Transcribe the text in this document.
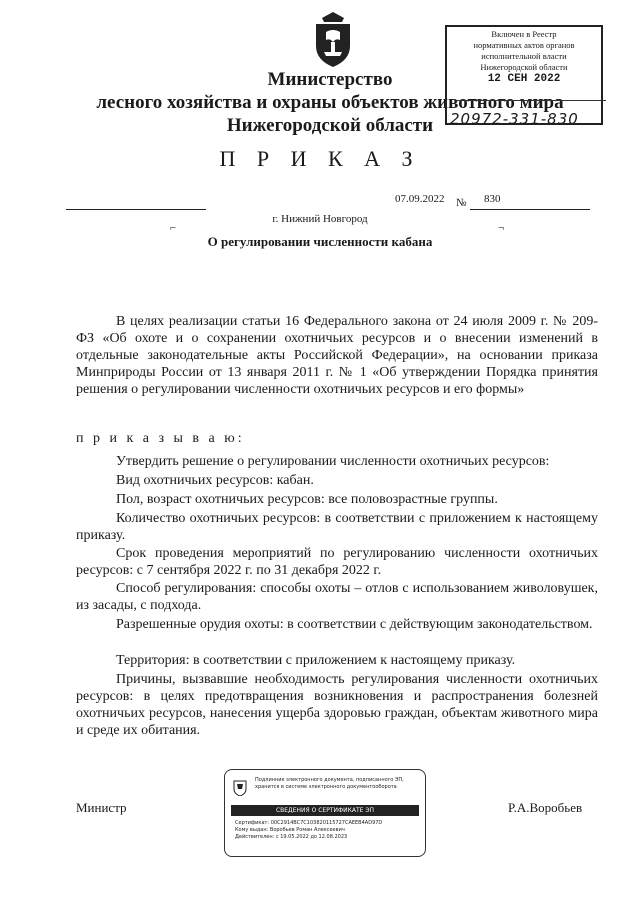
Министерство
лесного хозяйства и охраны объектов животного мира
Нижегородской области
Включен в Реестр
нормативных актов органов
исполнительной власти
Нижегородской области
12 СЕН 2022
20972-331-830
П Р И К А З
07.09.2022 № 830
г. Нижний Новгород
⌐	¬
О регулировании численности кабана
В целях реализации статьи 16 Федерального закона от 24 июля 2009 г. № 209-ФЗ «Об охоте и о сохранении охотничьих ресурсов и о внесении изменений в отдельные законодательные акты Российской Федерации», на основании приказа Минприроды России от 13 января 2011 г. № 1 «Об утверждении Порядка принятия решения о регулировании численности охотничьих ресурсов и его формы»
п р и к а з ы в а ю:
Утвердить решение о регулировании численности охотничьих ресурсов:
Вид охотничьих ресурсов: кабан.
Пол, возраст охотничьих ресурсов: все половозрастные группы.
Количество охотничьих ресурсов: в соответствии с приложением к настоящему приказу.
Срок проведения мероприятий по регулированию численности охотничьих ресурсов: с 7 сентября 2022 г. по 31 декабря 2022 г.
Способ регулирования: способы охоты – отлов с использованием живоловушек, из засады, с подхода.
Разрешенные орудия охоты: в соответствии с действующим законодательством.
Территория: в соответствии с приложением к настоящему приказу.
Причины, вызвавшие необходимость регулирования численности охотничьих ресурсов: в целях предотвращения возникновения и распространения болезней охотничьих ресурсов, нанесения ущерба здоровью граждан, объектам животного мира и среде их обитания.
Министр	Р.А.Воробьев
Подлинник электронного документа, подписанного ЭП,
хранится в системе электронного документооборота
СВЕДЕНИЯ О СЕРТИФИКАТЕ ЭП
Сертификат: 00C2914BC7C103820115727CAEEB4AD97D
Кому выдан: Воробьев Роман Алексеевич
Действителен: с 19.05.2022 до 12.08.2023
